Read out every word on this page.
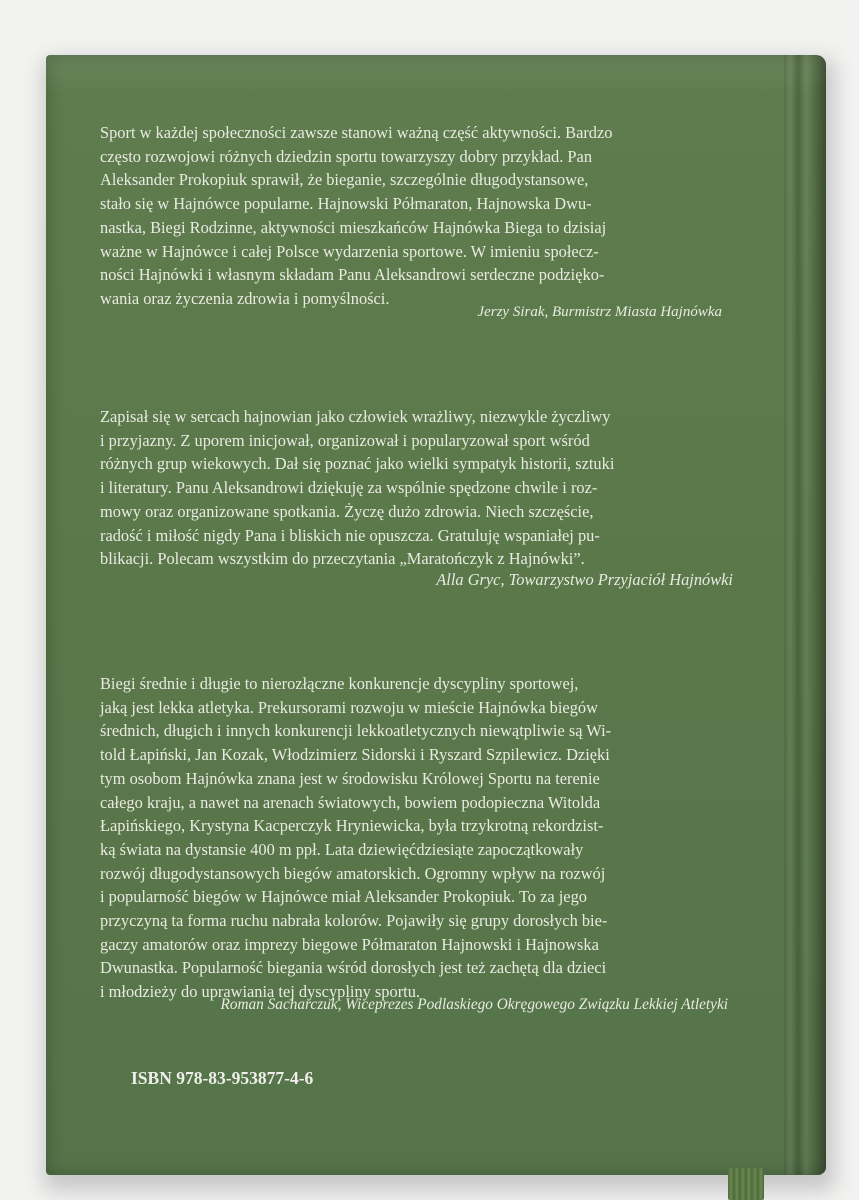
Sport w każdej społeczności zawsze stanowi ważną część aktywności. Bardzo

często rozwojowi różnych dziedzin sportu towarzyszy dobry przykład. Pan

Aleksander Prokopiuk sprawił, że bieganie, szczególnie długodystansowe,

stało się w Hajnówce popularne. Hajnowski Półmaraton, Hajnowska Dwu-

nastka, Biegi Rodzinne, aktywności mieszkańców Hajnówka Biega to dzisiaj

ważne w Hajnówce i całej Polsce wydarzenia sportowe. W imieniu społecz-

ności Hajnówki i własnym składam Panu Aleksandrowi serdeczne podzięko-

wania oraz życzenia zdrowia i pomyślności.

Jerzy Sirak, Burmistrz Miasta Hajnówka

Zapisał się w sercach hajnowian jako człowiek wrażliwy, niezwykle życzliwy

i przyjazny. Z uporem inicjował, organizował i popularyzował sport wśród

różnych grup wiekowych. Dał się poznać jako wielki sympatyk historii, sztuki

i literatury. Panu Aleksandrowi dziękuję za wspólnie spędzone chwile i roz-

mowy oraz organizowane spotkania. Życzę dużo zdrowia. Niech szczęście,

radość i miłość nigdy Pana i bliskich nie opuszcza. Gratuluję wspaniałej pu-

blikacji. Polecam wszystkim do przeczytania „Maratończyk z Hajnówki”.

Alla Gryc, Towarzystwo Przyjaciół Hajnówki

Biegi średnie i długie to nierozłączne konkurencje dyscypliny sportowej,

jaką jest lekka atletyka. Prekursorami rozwoju w mieście Hajnówka biegów

średnich, długich i innych konkurencji lekkoatletycznych niewątpliwie są Wi-

told Łapiński, Jan Kozak, Włodzimierz Sidorski i Ryszard Szpilewicz. Dzięki

tym osobom Hajnówka znana jest w środowisku Królowej Sportu na terenie

całego kraju, a nawet na arenach światowych, bowiem podopieczna Witolda

Łapińskiego, Krystyna Kacperczyk Hryniewicka, była trzykrotną rekordzist-

ką świata na dystansie 400 m ppł. Lata dziewięćdziesiąte zapoczątkowały

rozwój długodystansowych biegów amatorskich. Ogromny wpływ na rozwój

i popularność biegów w Hajnówce miał Aleksander Prokopiuk. To za jego

przyczyną ta forma ruchu nabrała kolorów. Pojawiły się grupy dorosłych bie-

gaczy amatorów oraz imprezy biegowe Półmaraton Hajnowski i Hajnowska

Dwunastka. Popularność biegania wśród dorosłych jest też zachętą dla dzieci

i młodzieży do uprawiania tej dyscypliny sportu.

Roman Sacharczuk, Wiceprezes Podlaskiego Okręgowego Związku Lekkiej Atletyki
ISBN 978-83-953877-4-6
